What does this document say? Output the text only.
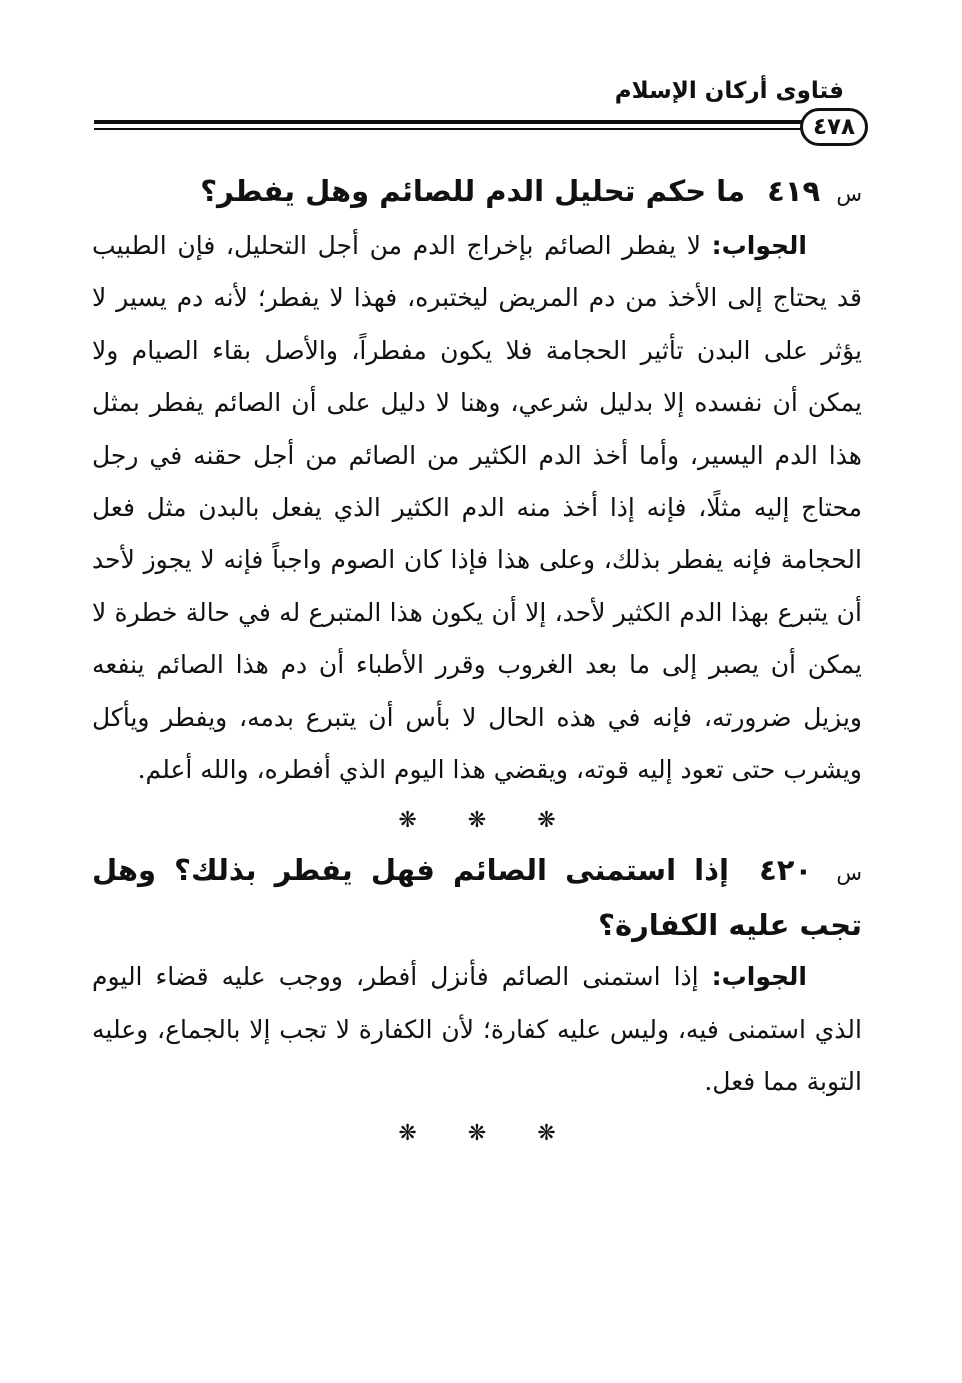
فتاوى أركان الإسلام
٤٧٨

س ٤١٩ ما حكم تحليل الدم للصائم وهل يفطر؟

الجواب: لا يفطر الصائم بإخراج الدم من أجل التحليل، فإن الطبيب قد يحتاج إلى الأخذ من دم المريض ليختبره، فهذا لا يفطر؛ لأنه دم يسير لا يؤثر على البدن تأثير الحجامة فلا يكون مفطراً، والأصل بقاء الصيام ولا يمكن أن نفسده إلا بدليل شرعي، وهنا لا دليل على أن الصائم يفطر بمثل هذا الدم اليسير، وأما أخذ الدم الكثير من الصائم من أجل حقنه في رجل محتاج إليه مثلًا، فإنه إذا أخذ منه الدم الكثير الذي يفعل بالبدن مثل فعل الحجامة فإنه يفطر بذلك، وعلى هذا فإذا كان الصوم واجباً فإنه لا يجوز لأحد أن يتبرع بهذا الدم الكثير لأحد، إلا أن يكون هذا المتبرع له في حالة خطرة لا يمكن أن يصبر إلى ما بعد الغروب وقرر الأطباء أن دم هذا الصائم ينفعه ويزيل ضرورته، فإنه في هذه الحال لا بأس أن يتبرع بدمه، ويفطر ويأكل ويشرب حتى تعود إليه قوته، ويقضي هذا اليوم الذي أفطره، والله أعلم.

❋ ❋ ❋

س ٤٢٠ إذا استمنى الصائم فهل يفطر بذلك؟ وهل تجب عليه الكفارة؟

الجواب: إذا استمنى الصائم فأنزل أفطر، ووجب عليه قضاء اليوم الذي استمنى فيه، وليس عليه كفارة؛ لأن الكفارة لا تجب إلا بالجماع، وعليه التوبة مما فعل.

❋ ❋ ❋
